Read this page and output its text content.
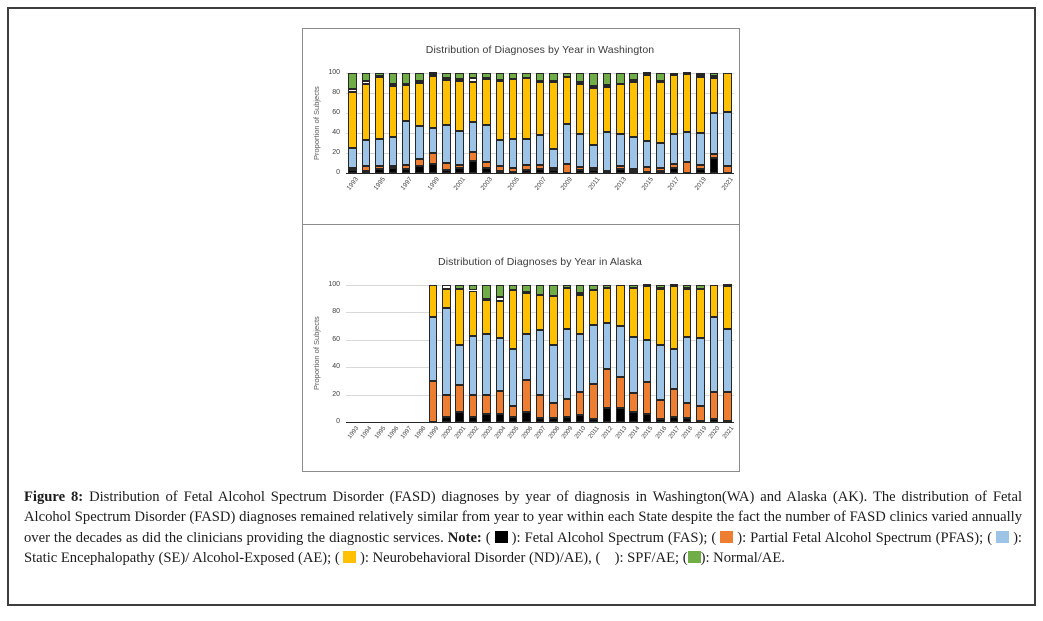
Distribution of Diagnoses by Year in Washington
Proportion of Subjects
0
20
40
60
80
100
1993 1995 1997 1999 2001 2003 2005 2007 2009 2011 2013 2015 2017 2019 2021
Distribution of Diagnoses by Year in Alaska
Proportion of Subjects
0
20
40
60
80
100
1993 1994 1995 1996 1997 1998 1999 2000 2001 2002 2003 2004 2005 2006 2007 2008 2009 2010 2011 2012 2013 2014 2015 2016 2017 2018 2019 2020 2021

Figure 8: Distribution of Fetal Alcohol Spectrum Disorder (FASD) diagnoses by year of diagnosis in Washington(WA) and Alaska (AK). The distribution of Fetal Alcohol Spectrum Disorder (FASD) diagnoses remained relatively similar from year to year within each State despite the fact the number of FASD clinics varied annually over the decades as did the clinicians providing the diagnostic services. Note: (  ): Fetal Alcohol Spectrum (FAS); (  ): Partial Fetal Alcohol Spectrum (PFAS); (  ): Static Encephalopathy (SE)/ Alcohol-Exposed (AE); (  ): Neurobehavioral Disorder (ND)/AE), (  ): SPF/AE; ( ): Normal/AE.
